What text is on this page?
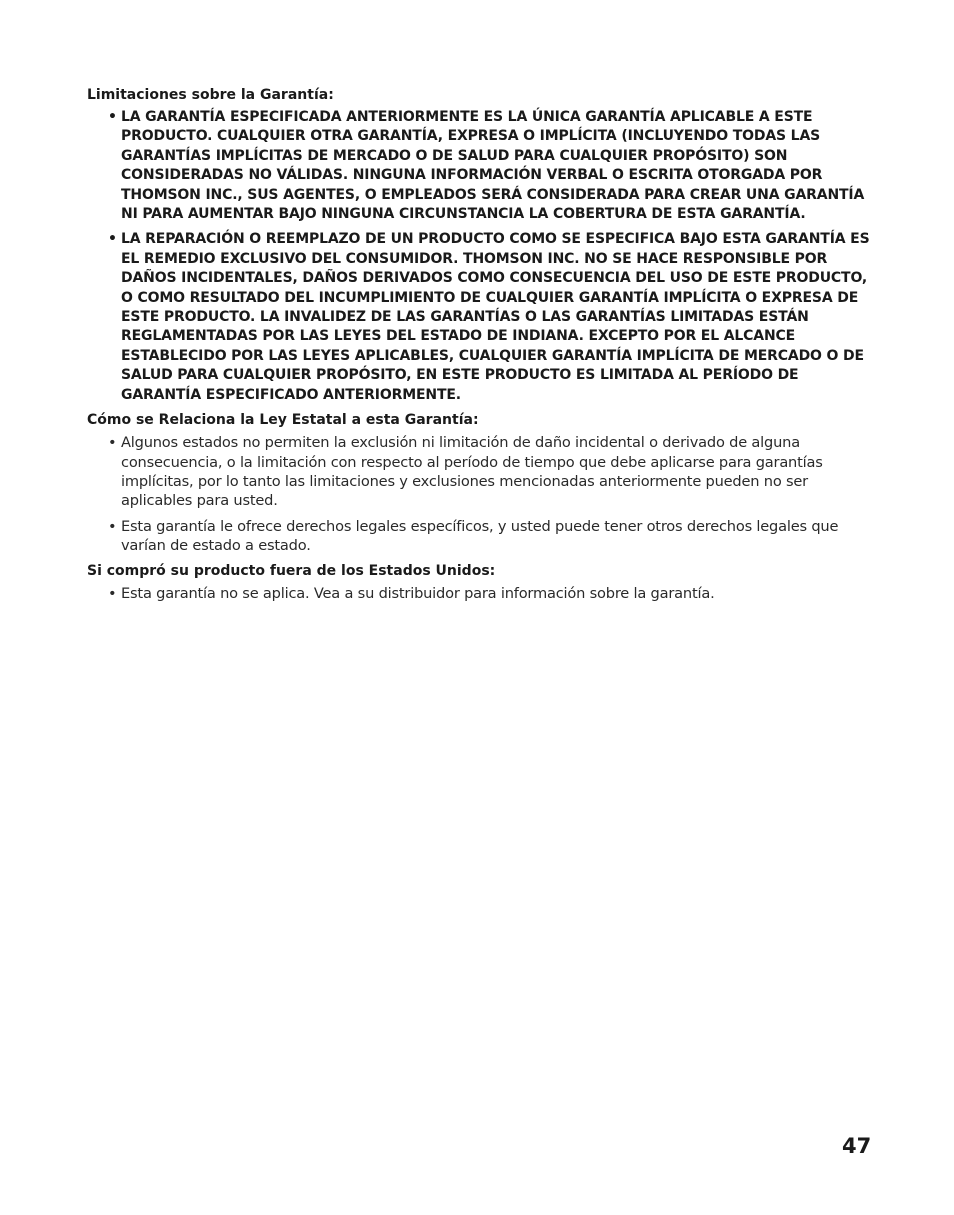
Limitaciones sobre la Garantía:
• LA GARANTÍA ESPECIFICADA ANTERIORMENTE ES LA ÚNICA GARANTÍA APLICABLE A ESTE PRODUCTO. CUALQUIER OTRA GARANTÍA, EXPRESA O IMPLÍCITA (INCLUYENDO TODAS LAS GARANTÍAS IMPLÍCITAS DE MERCADO O DE SALUD PARA CUALQUIER PROPÓSITO) SON CONSIDERADAS NO VÁLIDAS. NINGUNA INFORMACIÓN VERBAL O ESCRITA OTORGADA POR THOMSON INC., SUS AGENTES, O EMPLEADOS SERÁ CONSIDERADA PARA CREAR UNA GARANTÍA NI PARA AUMENTAR BAJO NINGUNA CIRCUNSTANCIA LA COBERTURA DE ESTA GARANTÍA.
• LA REPARACIÓN O REEMPLAZO DE UN PRODUCTO COMO SE ESPECIFICA BAJO ESTA GARANTÍA ES EL REMEDIO EXCLUSIVO DEL CONSUMIDOR. THOMSON INC. NO SE HACE RESPONSIBLE POR DAÑOS INCIDENTALES, DAÑOS DERIVADOS COMO CONSECUENCIA DEL USO DE ESTE PRODUCTO, O COMO RESULTADO DEL INCUMPLIMIENTO DE CUALQUIER GARANTÍA IMPLÍCITA O EXPRESA DE ESTE PRODUCTO. LA INVALIDEZ DE LAS GARANTÍAS O LAS GARANTÍAS LIMITADAS ESTÁN REGLAMENTADAS POR LAS LEYES DEL ESTADO DE INDIANA. EXCEPTO POR EL ALCANCE ESTABLECIDO POR LAS LEYES APLICABLES, CUALQUIER GARANTÍA IMPLÍCITA DE MERCADO O DE SALUD PARA CUALQUIER PROPÓSITO, EN ESTE PRODUCTO ES LIMITADA AL PERÍODO DE GARANTÍA ESPECIFICADO ANTERIORMENTE.
Cómo se Relaciona la Ley Estatal a esta Garantía:
• Algunos estados no permiten la exclusión ni limitación de daño incidental o derivado de alguna consecuencia, o la limitación con respecto al período de tiempo que debe aplicarse para garantías implícitas, por lo tanto las limitaciones y exclusiones mencionadas anteriormente pueden no ser aplicables para usted.
• Esta garantía le ofrece derechos legales específicos, y usted puede tener otros derechos legales que varían de estado a estado.
Si compró su producto fuera de los Estados Unidos:
• Esta garantía no se aplica. Vea a su distribuidor para información sobre la garantía.
47
